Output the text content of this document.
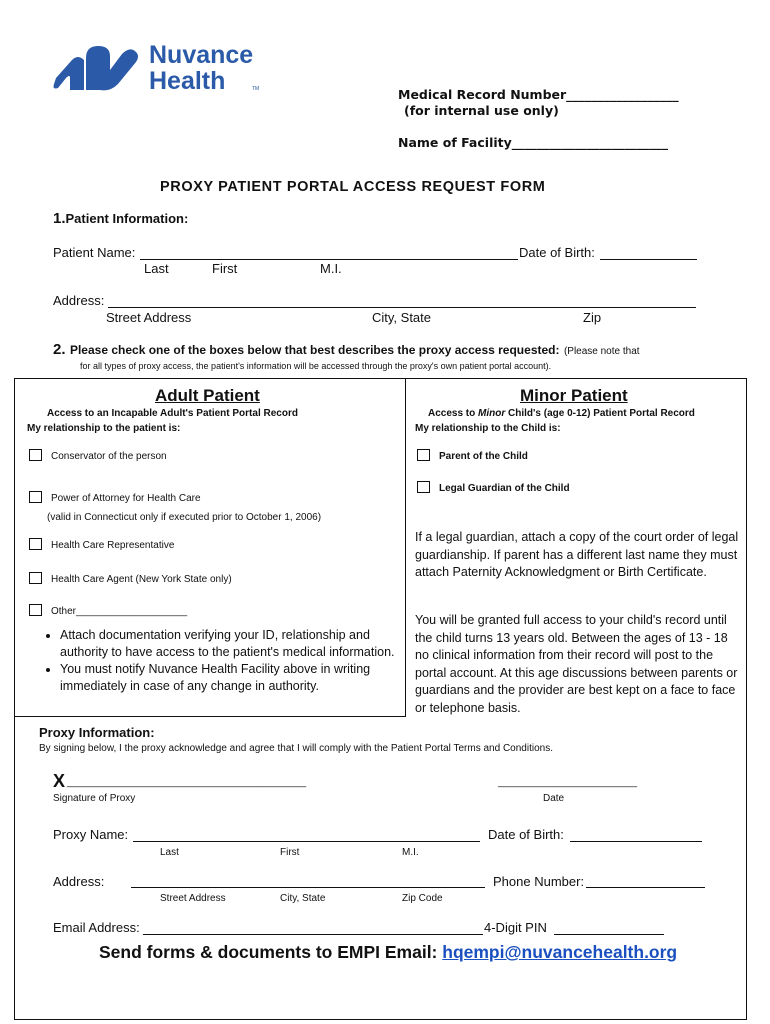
Nuvance
Health	TM	Medical Record Number__________________
(for internal use only)
Name of Facility_________________________
PROXY PATIENT PORTAL ACCESS REQUEST FORM
1.Patient Information:
Patient Name:	Date of Birth:
Last	First	M.I.
Address:
Street Address	City, State	Zip
2. Please check one of the boxes below that best describes the proxy access requested: (Please note that
for all types of proxy access, the patient's information will be accessed through the proxy's own patient portal account).
Adult Patient
Access to an Incapable Adult's Patient Portal Record
My relationship to the patient is:
Conservator of the person
Power of Attorney for Health Care
(valid in Connecticut only if executed prior to October 1, 2006)
Health Care Representative
Health Care Agent (New York State only)
Other____________________
• Attach documentation verifying your ID, relationship and authority to have access to the patient's medical information.
• You must notify Nuvance Health Facility above in writing immediately in case of any change in authority.
Minor Patient
Access to Minor Child's (age 0-12) Patient Portal Record
My relationship to the Child is:
Parent of the Child
Legal Guardian of the Child
If a legal guardian, attach a copy of the court order of legal guardianship. If parent has a different last name they must attach Paternity Acknowledgment or Birth Certificate.
You will be granted full access to your child's record until the child turns 13 years old. Between the ages of 13 - 18 no clinical information from their record will post to the portal account. At this age discussions between parents or guardians and the provider are best kept on a face to face or telephone basis.
Proxy Information:
By signing below, I the proxy acknowledge and agree that I will comply with the Patient Portal Terms and Conditions.
X ___________________________________________	_________________________
Signature of Proxy	Date
Proxy Name:	Date of Birth:
Last	First	M.I.
Address:	Phone Number:
Street Address	City, State	Zip Code
Email Address:	4-Digit PIN
Send forms & documents to EMPI Email: hqempi@nuvancehealth.org
